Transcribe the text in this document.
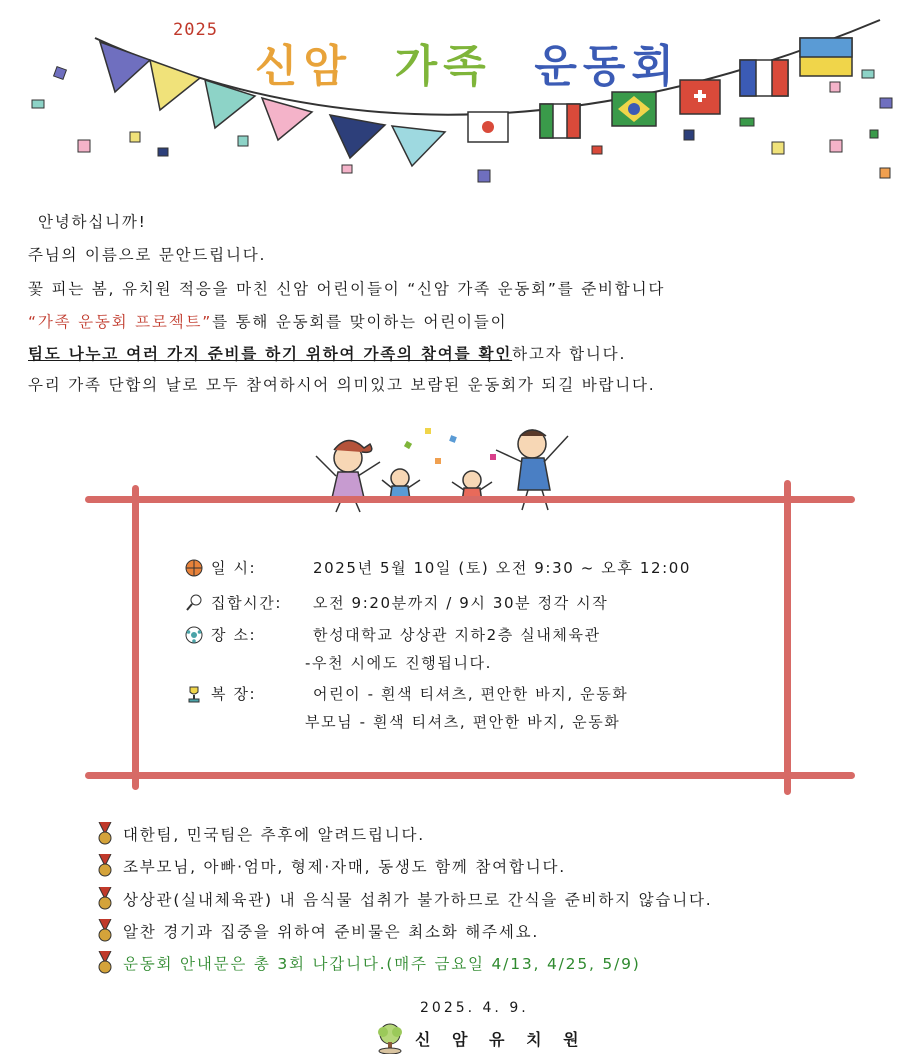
2025
신암 가족 운동회

안녕하십니까!

주님의 이름으로 문안드립니다.

꽃 피는 봄, 유치원 적응을 마친 신암 어린이들이 “신암 가족 운동회”를 준비합니다

“가족 운동회 프로젝트”를 통해 운동회를 맞이하는 어린이들이

팀도 나누고 여러 가지 준비를 하기 위하여 가족의 참여를 확인하고자 합니다.

우리 가족 단합의 날로 모두 참여하시어 의미있고 보람된 운동회가 되길 바랍니다.

일 시:	2025년 5월 10일 (토) 오전 9:30 ~ 오후 12:00
집합시간:	오전 9:20분까지 / 9시 30분 정각 시작
장 소:	한성대학교 상상관 지하2층 실내체육관
-우천 시에도 진행됩니다.
복 장:	어린이 - 흰색 티셔츠, 편안한 바지, 운동화
부모님 - 흰색 티셔츠, 편안한 바지, 운동화
대한팀, 민국팀은 추후에 알려드립니다.
조부모님, 아빠·엄마, 형제·자매, 동생도 함께 참여합니다.
상상관(실내체육관) 내 음식물 섭취가 불가하므로 간식을 준비하지 않습니다.
알찬 경기과 집중을 위하여 준비물은 최소화 해주세요.
운동회 안내문은 총 3회 나갑니다.(매주 금요일 4/13, 4/25, 5/9)
2025. 4. 9.
신 암 유 치 원
